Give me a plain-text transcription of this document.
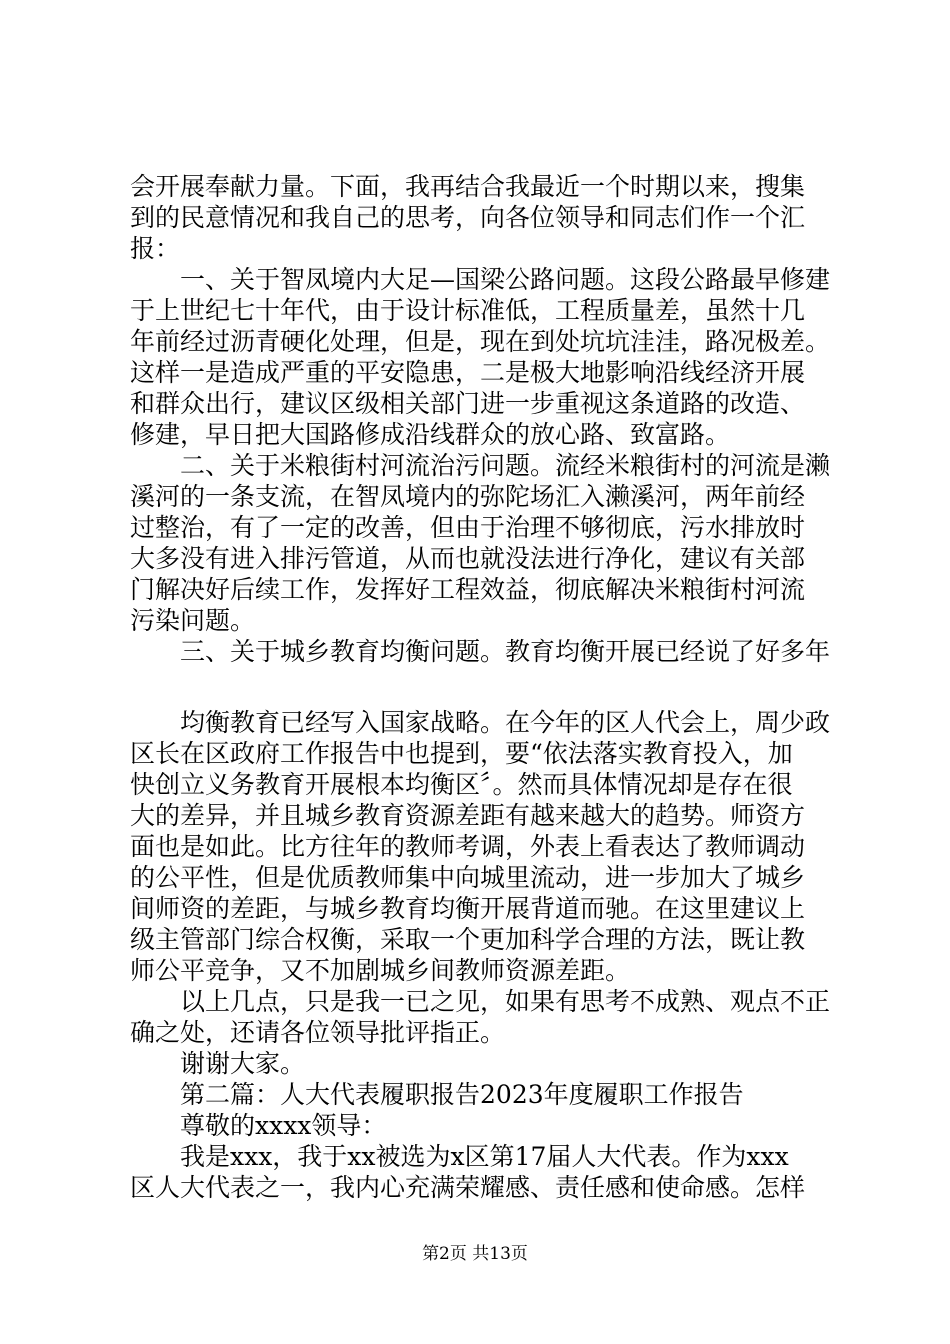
会开展奉献力量。下面，我再结合我最近一个时期以来，搜集
到的民意情况和我自己的思考，向各位领导和同志们作一个汇
报：
一、关于智凤境内大足—国梁公路问题。这段公路最早修建
于上世纪七十年代，由于设计标准低，工程质量差，虽然十几
年前经过沥青硬化处理，但是，现在到处坑坑洼洼，路况极差。
这样一是造成严重的平安隐患，二是极大地影响沿线经济开展
和群众出行，建议区级相关部门进一步重视这条道路的改造、
修建，早日把大国路修成沿线群众的放心路、致富路。
二、关于米粮街村河流治污问题。流经米粮街村的河流是濑
溪河的一条支流，在智凤境内的弥陀场汇入濑溪河，两年前经
过整治，有了一定的改善，但由于治理不够彻底，污水排放时
大多没有进入排污管道，从而也就没法进行净化，建议有关部
门解决好后续工作，发挥好工程效益，彻底解决米粮街村河流
污染问题。
三、关于城乡教育均衡问题。教育均衡开展已经说了好多年
均衡教育已经写入国家战略。在今年的区人代会上，周少政
区长在区政府工作报告中也提到，要“依法落实教育投入，加
快创立义务教育开展根本均衡区〞。然而具体情况却是存在很
大的差异，并且城乡教育资源差距有越来越大的趋势。师资方
面也是如此。比方往年的教师考调，外表上看表达了教师调动
的公平性，但是优质教师集中向城里流动，进一步加大了城乡
间师资的差距，与城乡教育均衡开展背道而驰。在这里建议上
级主管部门综合权衡，采取一个更加科学合理的方法，既让教
师公平竞争，又不加剧城乡间教师资源差距。
以上几点，只是我一已之见，如果有思考不成熟、观点不正
确之处，还请各位领导批评指正。
谢谢大家。
第二篇：人大代表履职报告2023年度履职工作报告
尊敬的xxxx领导：
我是xxx，我于xx被选为x区第17届人大代表。作为xxx
区人大代表之一，我内心充满荣耀感、责任感和使命感。怎样
第2页 共13页
